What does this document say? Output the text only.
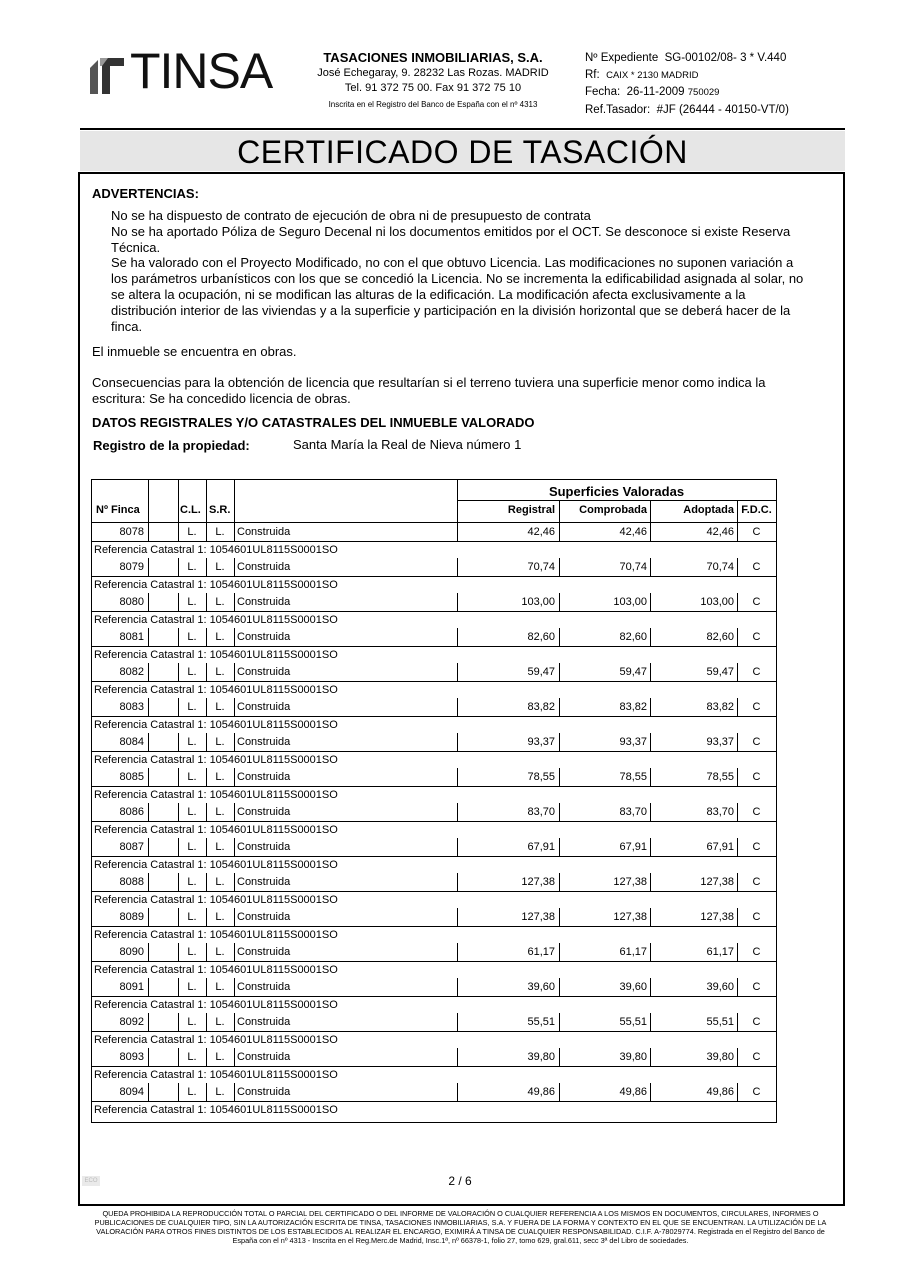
TINSA	TASACIONES INMOBILIARIAS, S.A.
José Echegaray, 9. 28232 Las Rozas. MADRID
Tel. 91 372 75 00. Fax 91 372 75 10
Inscrita en el Registro del Banco de España con el nº 4313
Nº Expediente SG-00102/08- 3 * V.440
Rf: CAIX * 2130 MADRID
Fecha: 26-11-2009 750029
Ref.Tasador: #JF (26444 - 40150-VT/0)
CERTIFICADO DE TASACIÓN
ADVERTENCIAS:

No se ha dispuesto de contrato de ejecución de obra ni de presupuesto de contrata

No se ha aportado Póliza de Seguro Decenal ni los documentos emitidos por el OCT. Se desconoce si existe Reserva Técnica.

Se ha valorado con el Proyecto Modificado, no con el que obtuvo Licencia. Las modificaciones no suponen variación a los parámetros urbanísticos con los que se concedió la Licencia. No se incrementa la edificabilidad asignada al solar, no se altera la ocupación, ni se modifican las alturas de la edificación. La modificación afecta exclusivamente a la distribución interior de las viviendas y a la superficie y participación en la división horizontal que se deberá hacer de la finca.

El inmueble se encuentra en obras.
Consecuencias para la obtención de licencia que resultarían si el terreno tuviera una superficie menor como indica la escritura: Se ha concedido licencia de obras.
DATOS REGISTRALES Y/O CATASTRALES DEL INMUEBLE VALORADO
Registro de la propiedad:	Santa María la Real de Nieva número 1
Superficies Valoradas
Nº Finca	C.L. S.R.	Registral	Comprobada	Adoptada F.D.C.
8078	L.	L.	Construida	42,46	42,46	42,46	C
Referencia Catastral 1: 1054601UL8115S0001SO
8079	L.	L.	Construida	70,74	70,74	70,74	C
Referencia Catastral 1: 1054601UL8115S0001SO
8080	L.	L.	Construida	103,00	103,00	103,00	C
Referencia Catastral 1: 1054601UL8115S0001SO
8081	L.	L.	Construida	82,60	82,60	82,60	C
Referencia Catastral 1: 1054601UL8115S0001SO
8082	L.	L.	Construida	59,47	59,47	59,47	C
Referencia Catastral 1: 1054601UL8115S0001SO
8083	L.	L.	Construida	83,82	83,82	83,82	C
Referencia Catastral 1: 1054601UL8115S0001SO
8084	L.	L.	Construida	93,37	93,37	93,37	C
Referencia Catastral 1: 1054601UL8115S0001SO
8085	L.	L.	Construida	78,55	78,55	78,55	C
Referencia Catastral 1: 1054601UL8115S0001SO
8086	L.	L.	Construida	83,70	83,70	83,70	C
Referencia Catastral 1: 1054601UL8115S0001SO
8087	L.	L.	Construida	67,91	67,91	67,91	C
Referencia Catastral 1: 1054601UL8115S0001SO
8088	L.	L.	Construida	127,38	127,38	127,38	C
Referencia Catastral 1: 1054601UL8115S0001SO
8089	L.	L.	Construida	127,38	127,38	127,38	C
Referencia Catastral 1: 1054601UL8115S0001SO
8090	L.	L.	Construida	61,17	61,17	61,17	C
Referencia Catastral 1: 1054601UL8115S0001SO
8091	L.	L.	Construida	39,60	39,60	39,60	C
Referencia Catastral 1: 1054601UL8115S0001SO
8092	L.	L.	Construida	55,51	55,51	55,51	C
Referencia Catastral 1: 1054601UL8115S0001SO
8093	L.	L.	Construida	39,80	39,80	39,80	C
Referencia Catastral 1: 1054601UL8115S0001SO
8094	L.	L.	Construida	49,86	49,86	49,86	C
Referencia Catastral 1: 1054601UL8115S0001SO
ECO	2 / 6
QUEDA PROHIBIDA LA REPRODUCCIÓN TOTAL O PARCIAL DEL CERTIFICADO O DEL INFORME DE VALORACIÓN O CUALQUIER REFERENCIA A LOS MISMOS EN DOCUMENTOS, CIRCULARES, INFORMES O PUBLICACIONES DE CUALQUIER TIPO, SIN LA AUTORIZACIÓN ESCRITA DE TINSA, TASACIONES INMOBILIARIAS, S.A. Y FUERA DE LA FORMA Y CONTEXTO EN EL QUE SE ENCUENTRAN. LA UTILIZACIÓN DE LA VALORACIÓN PARA OTROS FINES DISTINTOS DE LOS ESTABLECIDOS AL REALIZAR EL ENCARGO, EXIMIRÁ A TINSA DE CUALQUIER RESPONSABILIDAD. C.I.F. A-78029774. Registrada en el Registro del Banco de España con el nº 4313 - Inscrita en el Reg.Merc.de Madrid, Insc.1ª, nº 66378-1, folio 27, tomo 629, gral.611, secc 3ª del Libro de sociedades.
